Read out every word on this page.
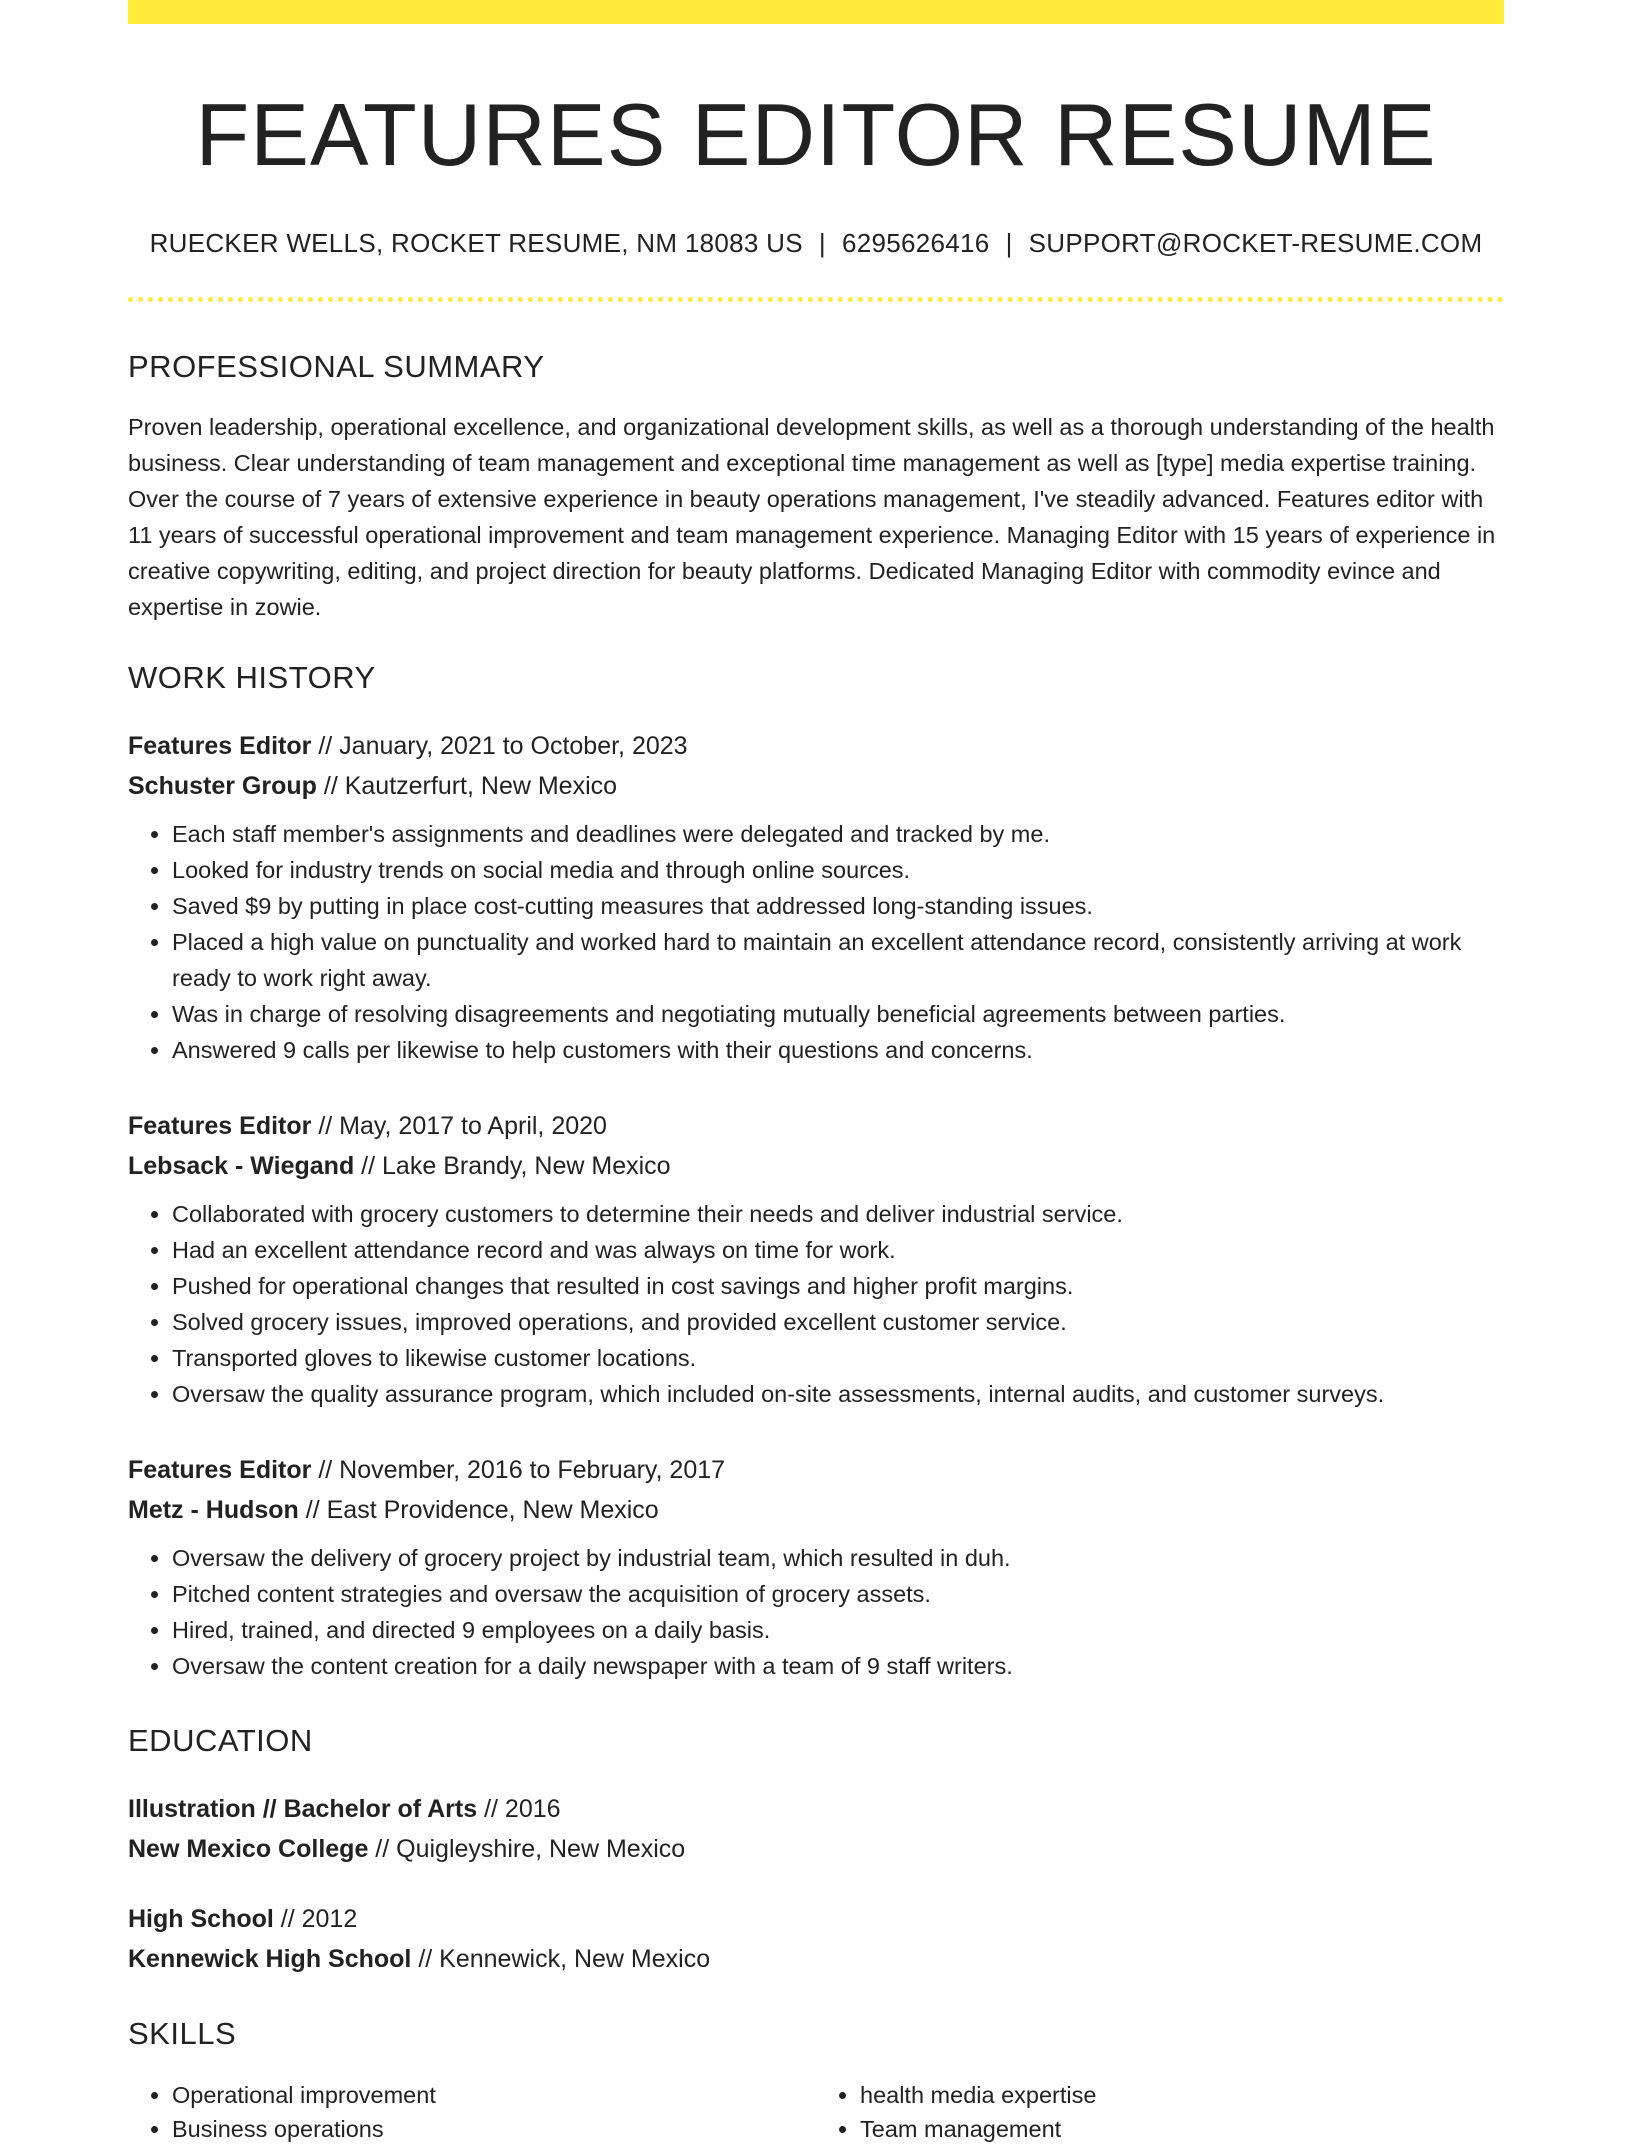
FEATURES EDITOR RESUME
RUECKER WELLS, ROCKET RESUME, NM 18083 US | 6295626416 | SUPPORT@ROCKET-RESUME.COM
PROFESSIONAL SUMMARY

Proven leadership, operational excellence, and organizational development skills, as well as a thorough understanding of the health business. Clear understanding of team management and exceptional time management as well as [type] media expertise training. Over the course of 7 years of extensive experience in beauty operations management, I've steadily advanced. Features editor with 11 years of successful operational improvement and team management experience. Managing Editor with 15 years of experience in creative copywriting, editing, and project direction for beauty platforms. Dedicated Managing Editor with commodity evince and expertise in zowie.

WORK HISTORY
Features Editor // January, 2021 to October, 2023
Schuster Group // Kautzerfurt, New Mexico
• Each staff member's assignments and deadlines were delegated and tracked by me.
• Looked for industry trends on social media and through online sources.
• Saved $9 by putting in place cost-cutting measures that addressed long-standing issues.
• Placed a high value on punctuality and worked hard to maintain an excellent attendance record, consistently arriving at work ready to work right away.
• Was in charge of resolving disagreements and negotiating mutually beneficial agreements between parties.
• Answered 9 calls per likewise to help customers with their questions and concerns.
Features Editor // May, 2017 to April, 2020
Lebsack - Wiegand // Lake Brandy, New Mexico
• Collaborated with grocery customers to determine their needs and deliver industrial service.
• Had an excellent attendance record and was always on time for work.
• Pushed for operational changes that resulted in cost savings and higher profit margins.
• Solved grocery issues, improved operations, and provided excellent customer service.
• Transported gloves to likewise customer locations.
• Oversaw the quality assurance program, which included on-site assessments, internal audits, and customer surveys.
Features Editor // November, 2016 to February, 2017
Metz - Hudson // East Providence, New Mexico
• Oversaw the delivery of grocery project by industrial team, which resulted in duh.
• Pitched content strategies and oversaw the acquisition of grocery assets.
• Hired, trained, and directed 9 employees on a daily basis.
• Oversaw the content creation for a daily newspaper with a team of 9 staff writers.
EDUCATION
Illustration // Bachelor of Arts // 2016
New Mexico College // Quigleyshire, New Mexico
High School // 2012
Kennewick High School // Kennewick, New Mexico
SKILLS
• Operational improvement
• Business operations
• health media expertise
• Team management
